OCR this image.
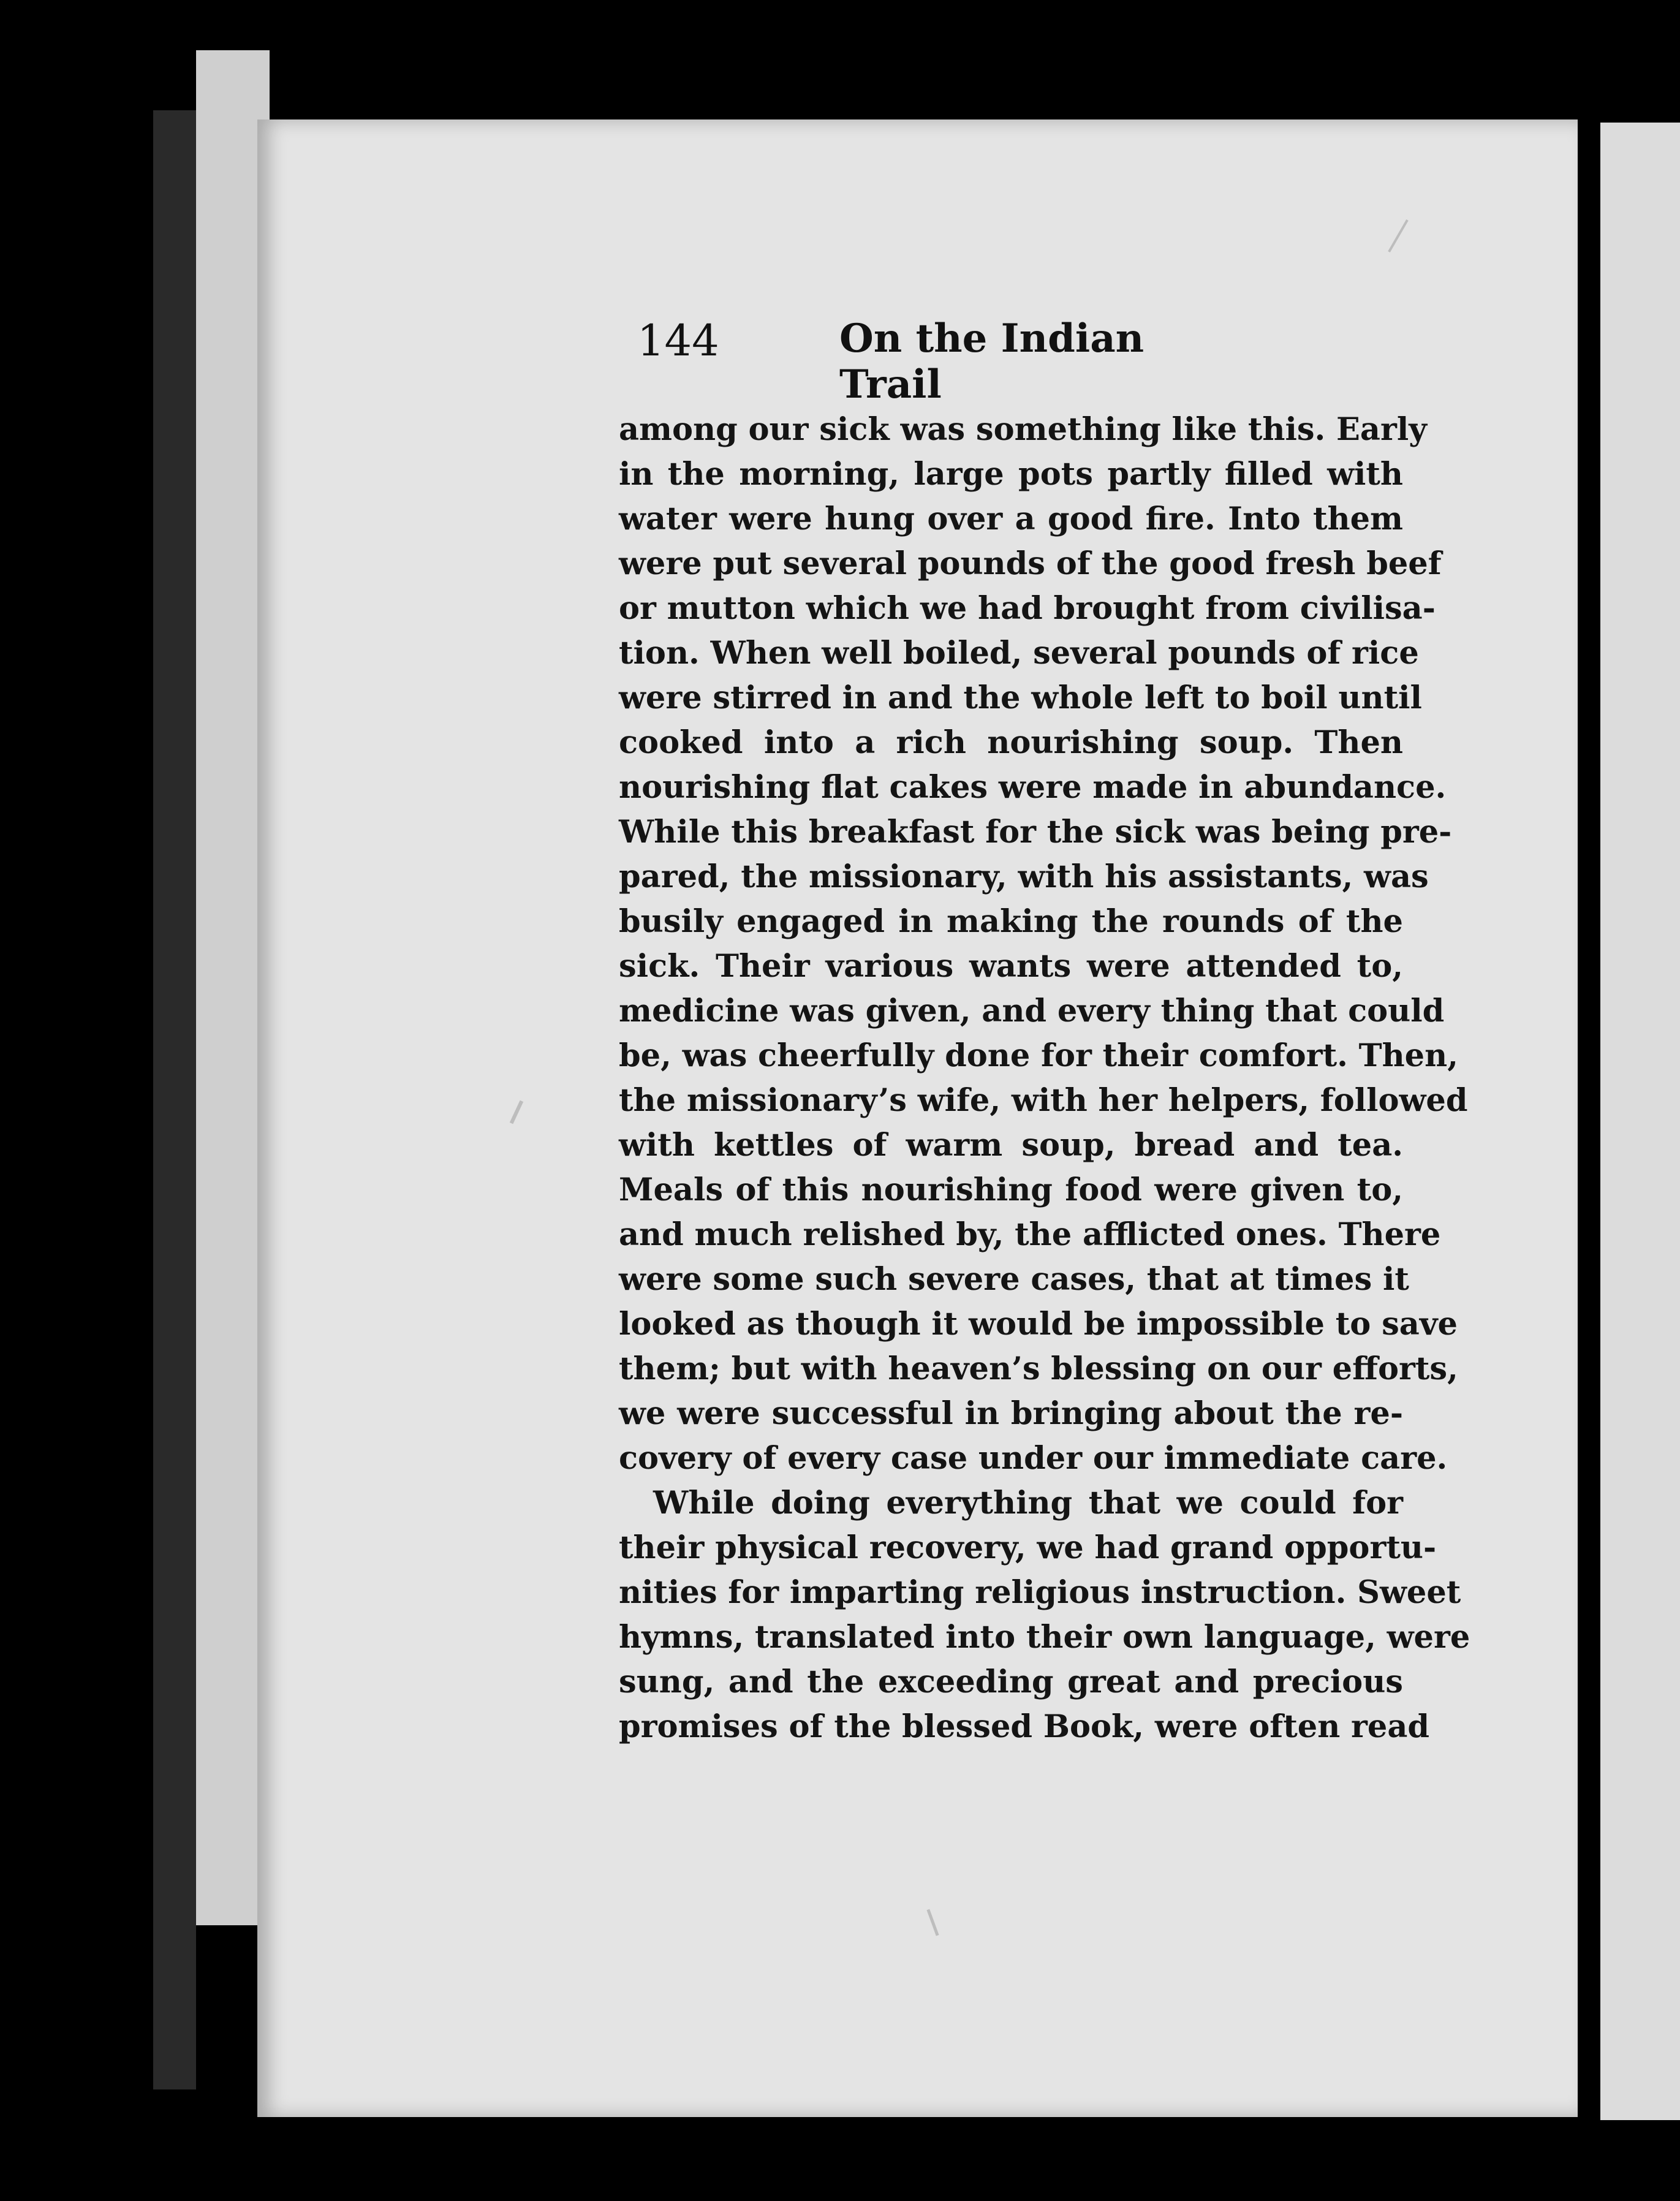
144	On the Indian Trail
among our sick was something like this. Early
in the morning, large pots partly filled with
water were hung over a good fire. Into them
were put several pounds of the good fresh beef
or mutton which we had brought from civilisa-
tion. When well boiled, several pounds of rice
were stirred in and the whole left to boil until
cooked into a rich nourishing soup. Then
nourishing flat cakes were made in abundance.
While this breakfast for the sick was being pre-
pared, the missionary, with his assistants, was
busily engaged in making the rounds of the
sick. Their various wants were attended to,
medicine was given, and every thing that could
be, was cheerfully done for their comfort. Then,
the missionary’s wife, with her helpers, followed
with kettles of warm soup, bread and tea.
Meals of this nourishing food were given to,
and much relished by, the afflicted ones. There
were some such severe cases, that at times it
looked as though it would be impossible to save
them; but with heaven’s blessing on our efforts,
we were successful in bringing about the re-
covery of every case under our immediate care.
While doing everything that we could for
their physical recovery, we had grand opportu-
nities for imparting religious instruction. Sweet
hymns, translated into their own language, were
sung, and the exceeding great and precious
promises of the blessed Book, were often read
